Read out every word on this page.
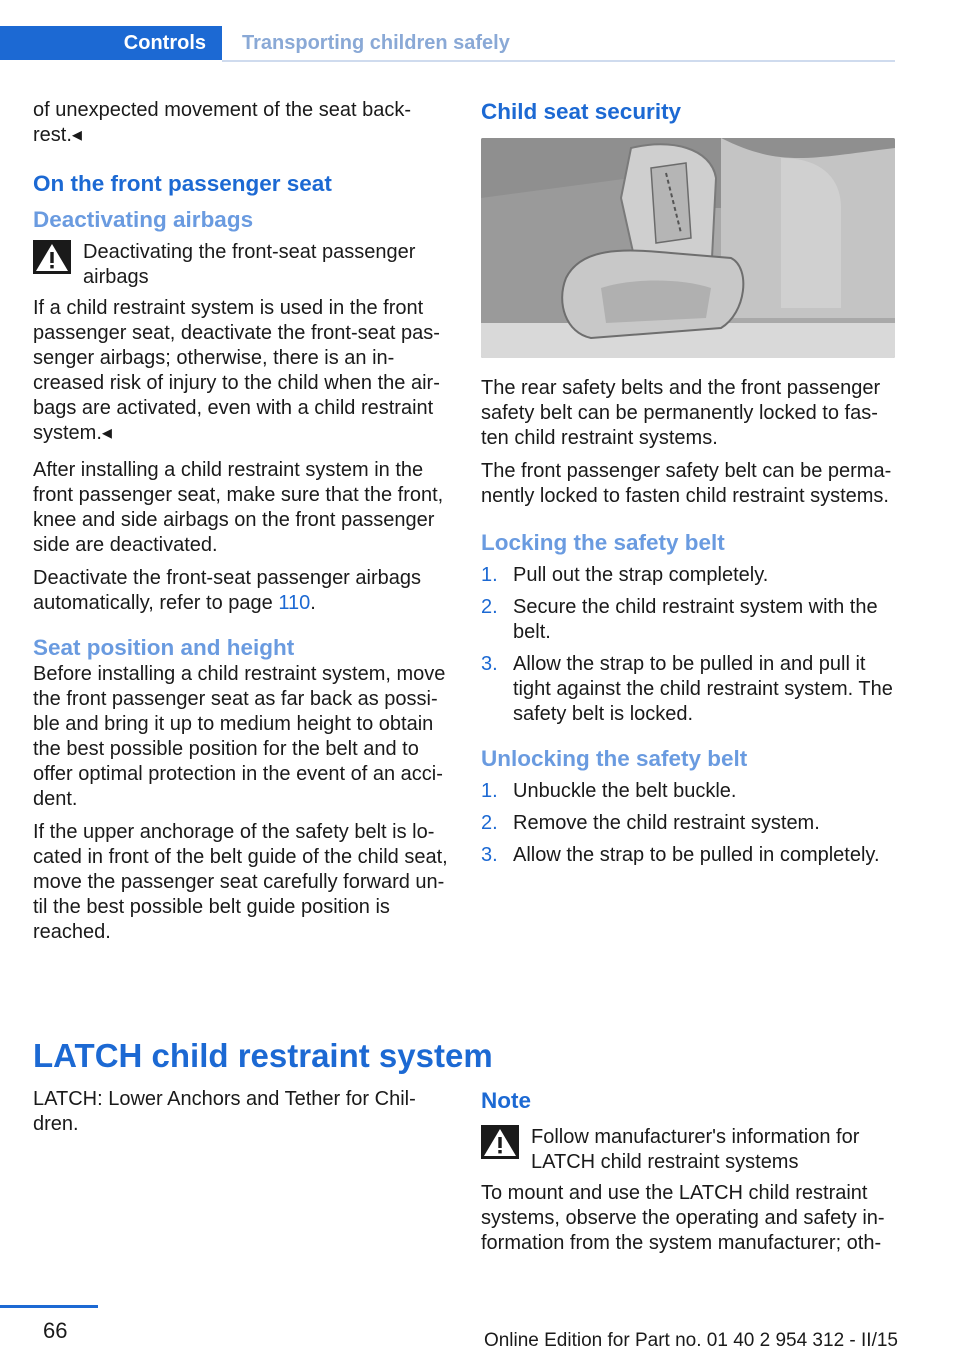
Controls	Transporting children safely

of unexpected movement of the seat backrest.◂

On the front passenger seat
Deactivating airbags
Deactivating the front-seat passenger airbags

If a child restraint system is used in the front passenger seat, deactivate the front-seat passenger airbags; otherwise, there is an increased risk of injury to the child when the airbags are activated, even with a child restraint system.◂

After installing a child restraint system in the front passenger seat, make sure that the front, knee and side airbags on the front passenger side are deactivated.

Deactivate the front-seat passenger airbags automatically, refer to page 110.

Seat position and height

Before installing a child restraint system, move the front passenger seat as far back as possible and bring it up to medium height to obtain the best possible position for the belt and to offer optimal protection in the event of an accident.

If the upper anchorage of the safety belt is located in front of the belt guide of the child seat, move the passenger seat carefully forward until the best possible belt guide position is reached.

Child seat security

The rear safety belts and the front passenger safety belt can be permanently locked to fasten child restraint systems.

The front passenger safety belt can be permanently locked to fasten child restraint systems.

Locking the safety belt
1. Pull out the strap completely.
2. Secure the child restraint system with the belt.
3. Allow the strap to be pulled in and pull it tight against the child restraint system. The safety belt is locked.
Unlocking the safety belt
1. Unbuckle the belt buckle.
2. Remove the child restraint system.
3. Allow the strap to be pulled in completely.
LATCH child restraint system

LATCH: Lower Anchors and Tether for Children.

Note
Follow manufacturer's information for LATCH child restraint systems

To mount and use the LATCH child restraint systems, observe the operating and safety information from the system manufacturer; oth-

66	Online Edition for Part no. 01 40 2 954 312 - II/15
